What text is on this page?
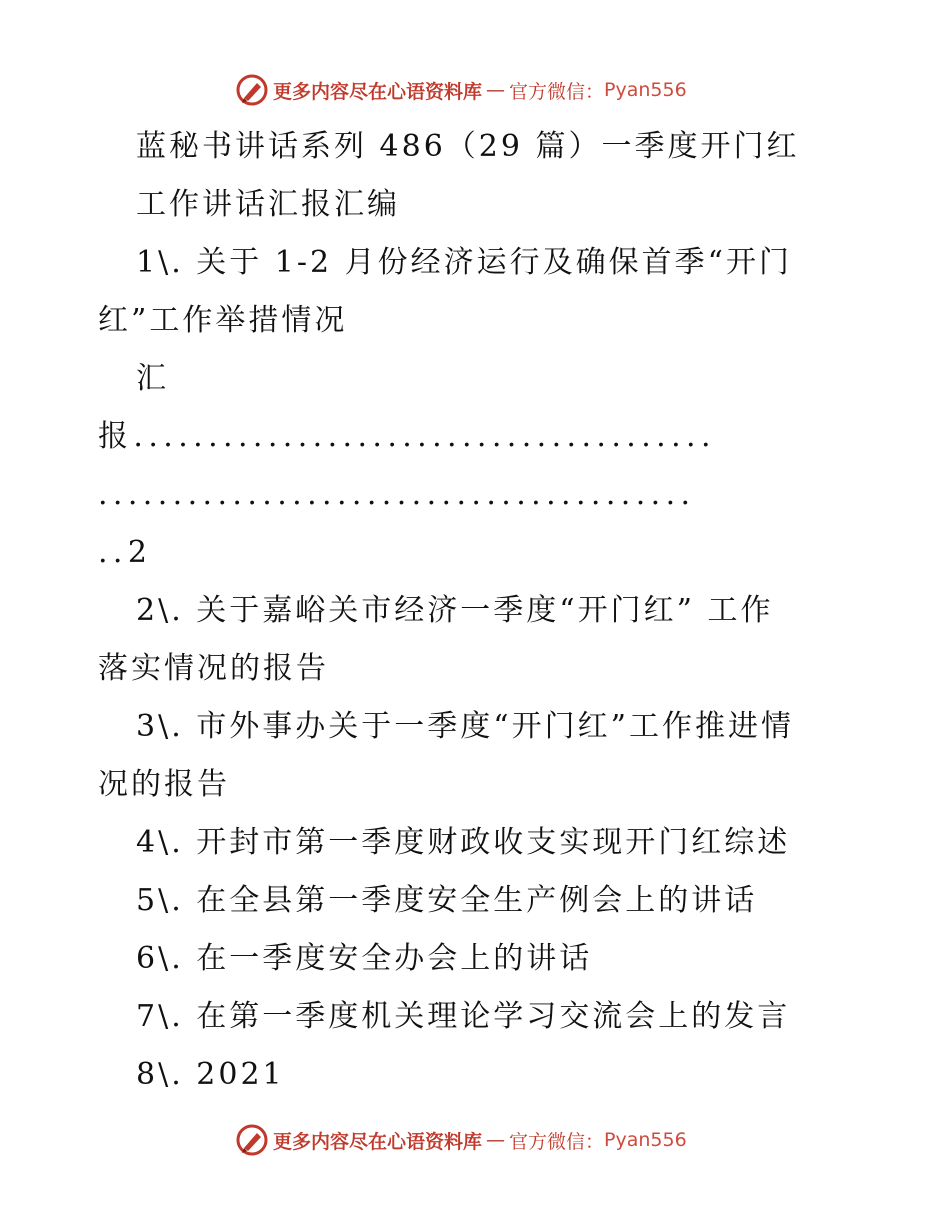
更多内容尽在心语资料库 — 官方微信： Pyan556
蓝秘书讲话系列 486（29 篇）一季度开门红
工作讲话汇报汇编
1\. 关于 1-2 月份经济运行及确保首季“开门
红”工作举措情况
汇
报.......................................
........................................
..2
2\. 关于嘉峪关市经济一季度“开门红” 工作
落实情况的报告
3\. 市外事办关于一季度“开门红”工作推进情
况的报告
4\. 开封市第一季度财政收支实现开门红综述
5\. 在全县第一季度安全生产例会上的讲话
6\. 在一季度安全办会上的讲话
7\. 在第一季度机关理论学习交流会上的发言
8\. 2021
更多内容尽在心语资料库 — 官方微信： Pyan556
